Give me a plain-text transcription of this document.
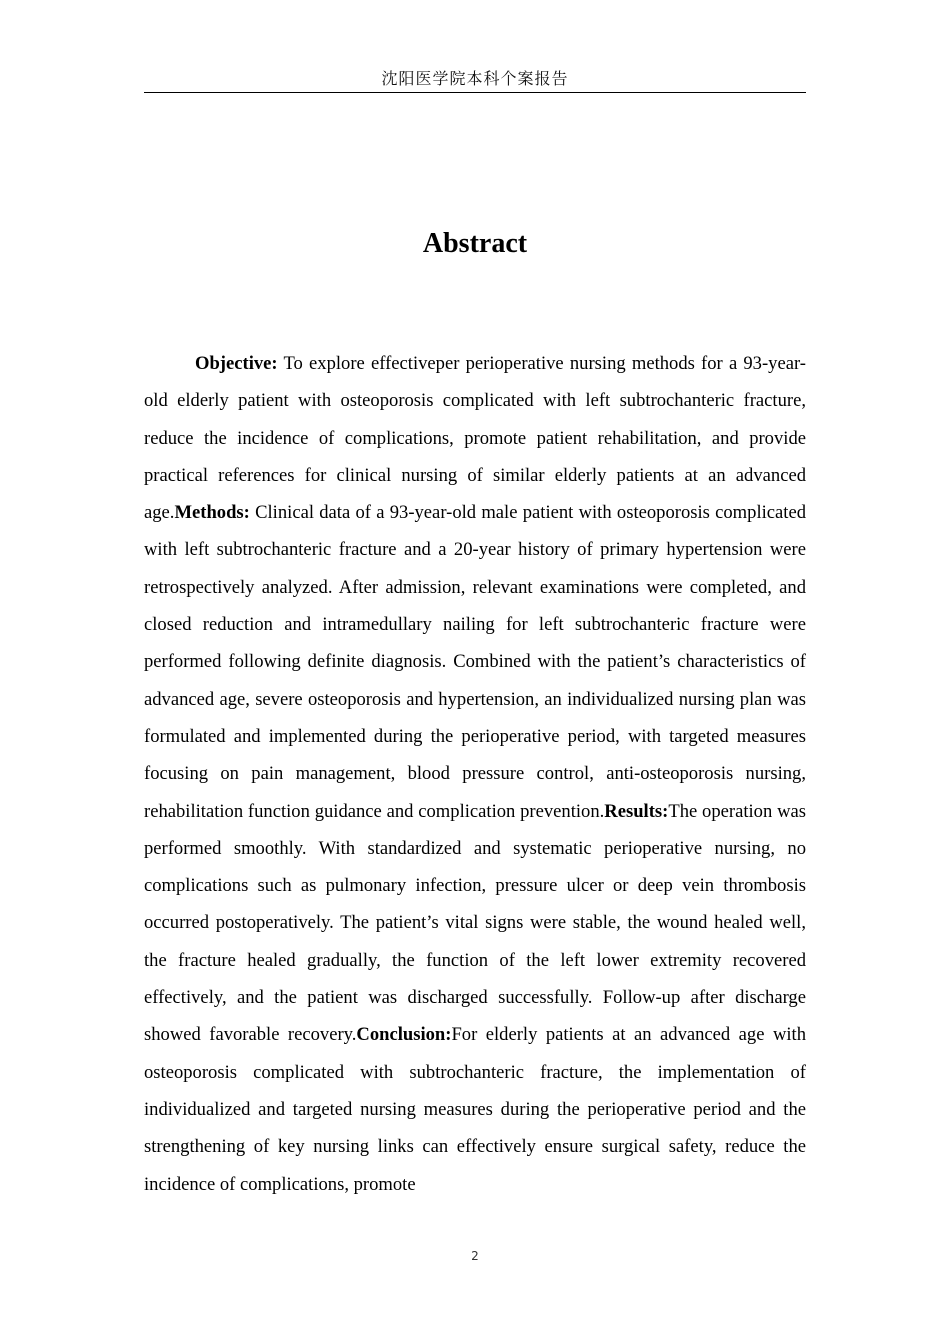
沈阳医学院本科个案报告
Abstract
Objective: To explore effectiveper perioperative nursing methods for a 93-year-old elderly patient with osteoporosis complicated with left subtrochanteric fracture, reduce the incidence of complications, promote patient rehabilitation, and provide practical references for clinical nursing of similar elderly patients at an advanced age.Methods: Clinical data of a 93-year-old male patient with osteoporosis complicated with left subtrochanteric fracture and a 20-year history of primary hypertension were retrospectively analyzed. After admission, relevant examinations were completed, and closed reduction and intramedullary nailing for left subtrochanteric fracture were performed following definite diagnosis. Combined with the patient’s characteristics of advanced age, severe osteoporosis and hypertension, an individualized nursing plan was formulated and implemented during the perioperative period, with targeted measures focusing on pain management, blood pressure control, anti-osteoporosis nursing, rehabilitation function guidance and complication prevention.Results:The operation was performed smoothly. With standardized and systematic perioperative nursing, no complications such as pulmonary infection, pressure ulcer or deep vein thrombosis occurred postoperatively. The patient’s vital signs were stable, the wound healed well, the fracture healed gradually, the function of the left lower extremity recovered effectively, and the patient was discharged successfully. Follow-up after discharge showed favorable recovery.Conclusion:For elderly patients at an advanced age with osteoporosis complicated with subtrochanteric fracture, the implementation of individualized and targeted nursing measures during the perioperative period and the strengthening of key nursing links can effectively ensure surgical safety, reduce the incidence of complications, promote
2
